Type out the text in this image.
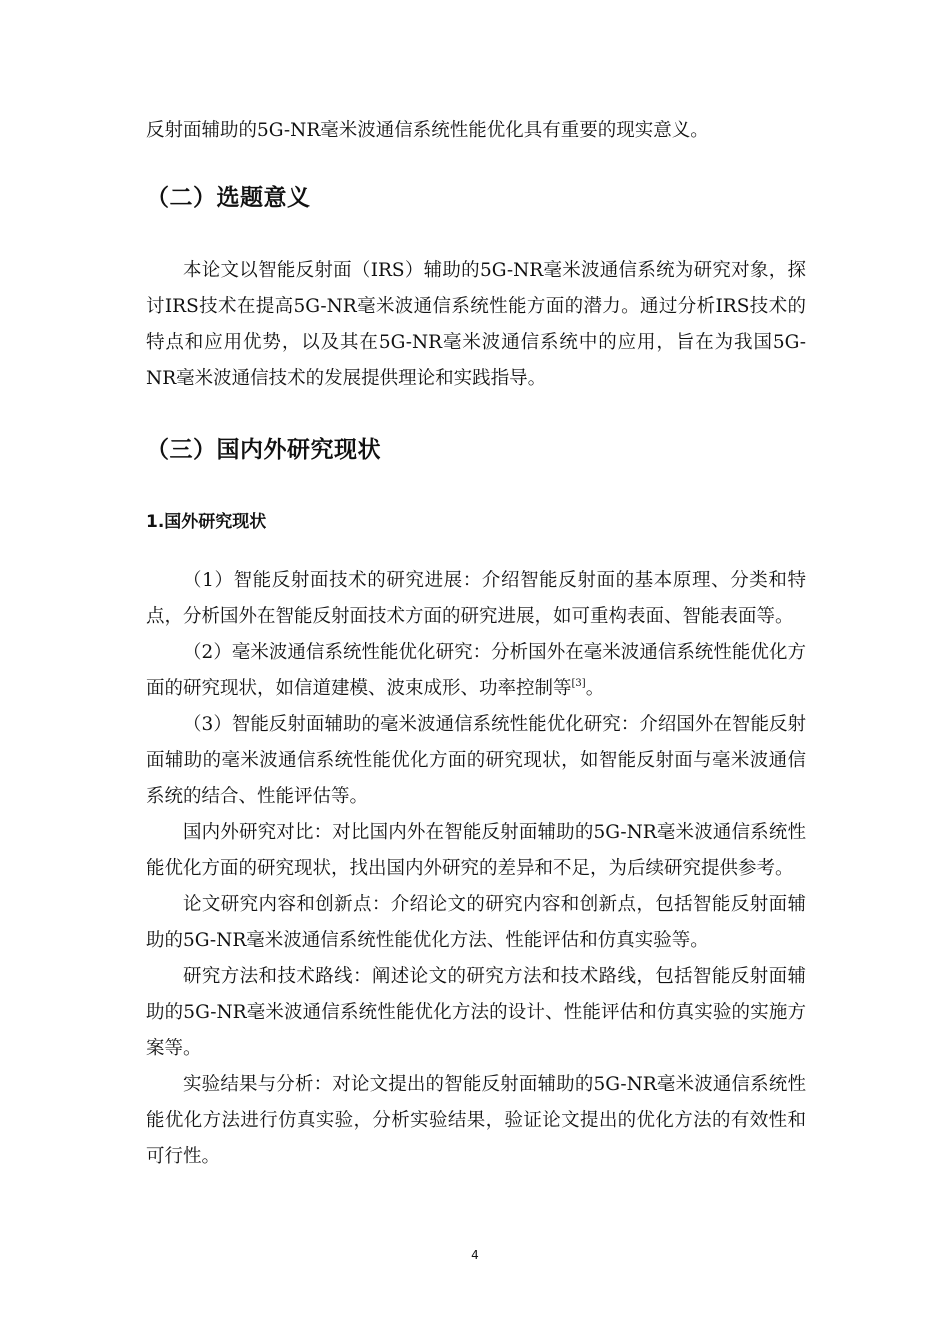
反射面辅助的5G-NR毫米波通信系统性能优化具有重要的现实意义。

（二）选题意义

本论文以智能反射面（IRS）辅助的5G-NR毫米波通信系统为研究对象，探讨IRS技术在提高5G-NR毫米波通信系统性能方面的潜力。通过分析IRS技术的特点和应用优势，以及其在5G-NR毫米波通信系统中的应用，旨在为我国5G-NR毫米波通信技术的发展提供理论和实践指导。

（三）国内外研究现状
1.国外研究现状

（1）智能反射面技术的研究进展：介绍智能反射面的基本原理、分类和特点，分析国外在智能反射面技术方面的研究进展，如可重构表面、智能表面等。

（2）毫米波通信系统性能优化研究：分析国外在毫米波通信系统性能优化方面的研究现状，如信道建模、波束成形、功率控制等[3]。

（3）智能反射面辅助的毫米波通信系统性能优化研究：介绍国外在智能反射面辅助的毫米波通信系统性能优化方面的研究现状，如智能反射面与毫米波通信系统的结合、性能评估等。

国内外研究对比：对比国内外在智能反射面辅助的5G-NR毫米波通信系统性能优化方面的研究现状，找出国内外研究的差异和不足，为后续研究提供参考。

论文研究内容和创新点：介绍论文的研究内容和创新点，包括智能反射面辅助的5G-NR毫米波通信系统性能优化方法、性能评估和仿真实验等。

研究方法和技术路线：阐述论文的研究方法和技术路线，包括智能反射面辅助的5G-NR毫米波通信系统性能优化方法的设计、性能评估和仿真实验的实施方案等。

实验结果与分析：对论文提出的智能反射面辅助的5G-NR毫米波通信系统性能优化方法进行仿真实验，分析实验结果，验证论文提出的优化方法的有效性和可行性。

4
